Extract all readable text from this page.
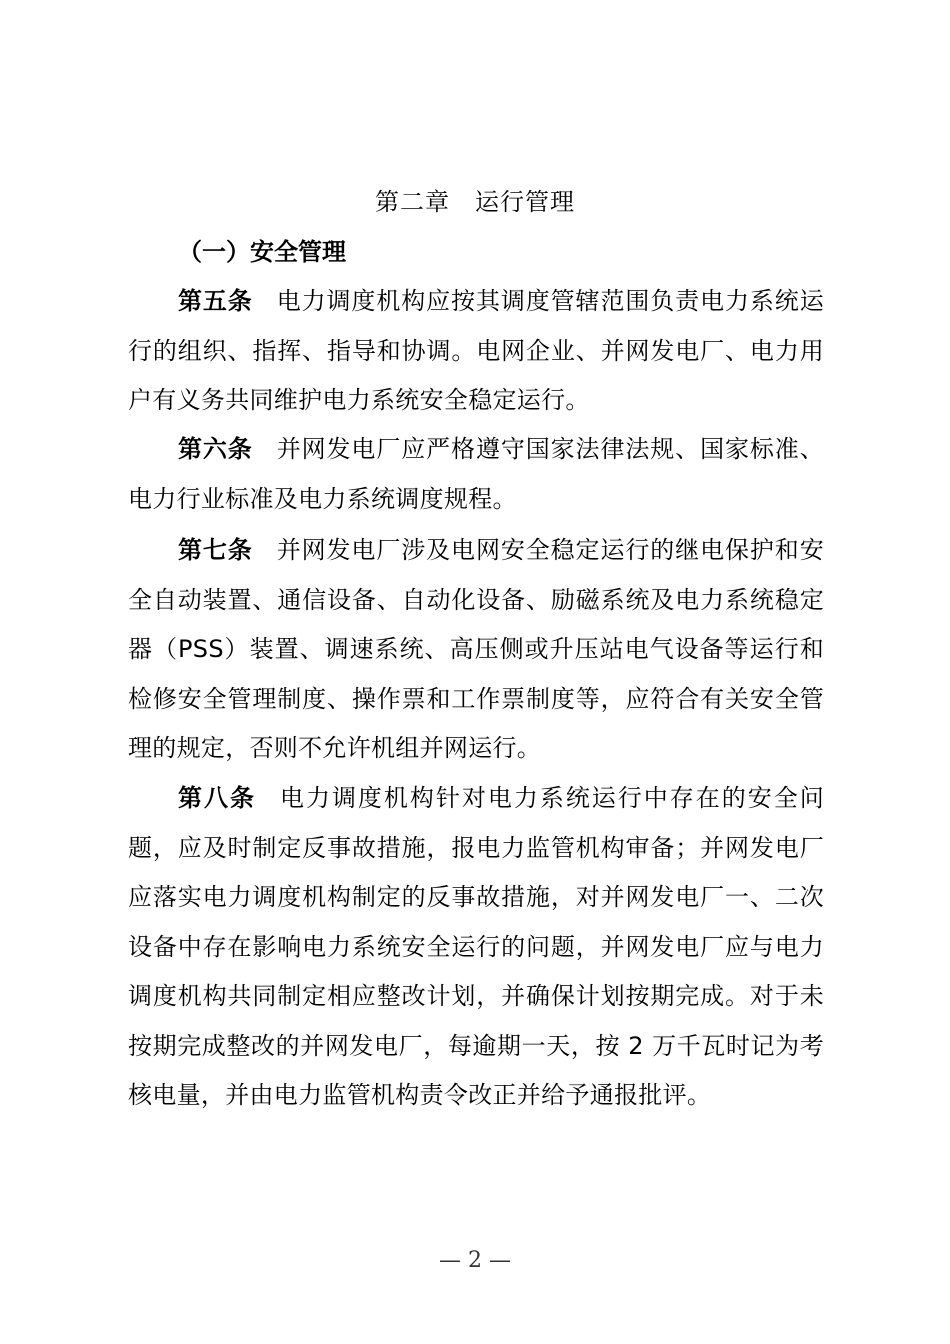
第二章　运行管理
（一）安全管理

第五条 电力调度机构应按其调度管辖范围负责电力系统运行的组织、指挥、指导和协调。电网企业、并网发电厂、电力用户有义务共同维护电力系统安全稳定运行。

第六条 并网发电厂应严格遵守国家法律法规、国家标准、电力行业标准及电力系统调度规程。

第七条 并网发电厂涉及电网安全稳定运行的继电保护和安全自动装置、通信设备、自动化设备、励磁系统及电力系统稳定器（PSS）装置、调速系统、高压侧或升压站电气设备等运行和检修安全管理制度、操作票和工作票制度等，应符合有关安全管理的规定，否则不允许机组并网运行。

第八条 电力调度机构针对电力系统运行中存在的安全问题，应及时制定反事故措施，报电力监管机构审备；并网发电厂应落实电力调度机构制定的反事故措施，对并网发电厂一、二次设备中存在影响电力系统安全运行的问题，并网发电厂应与电力调度机构共同制定相应整改计划，并确保计划按期完成。对于未按期完成整改的并网发电厂，每逾期一天，按 2 万千瓦时记为考核电量，并由电力监管机构责令改正并给予通报批评。

— 2 —
